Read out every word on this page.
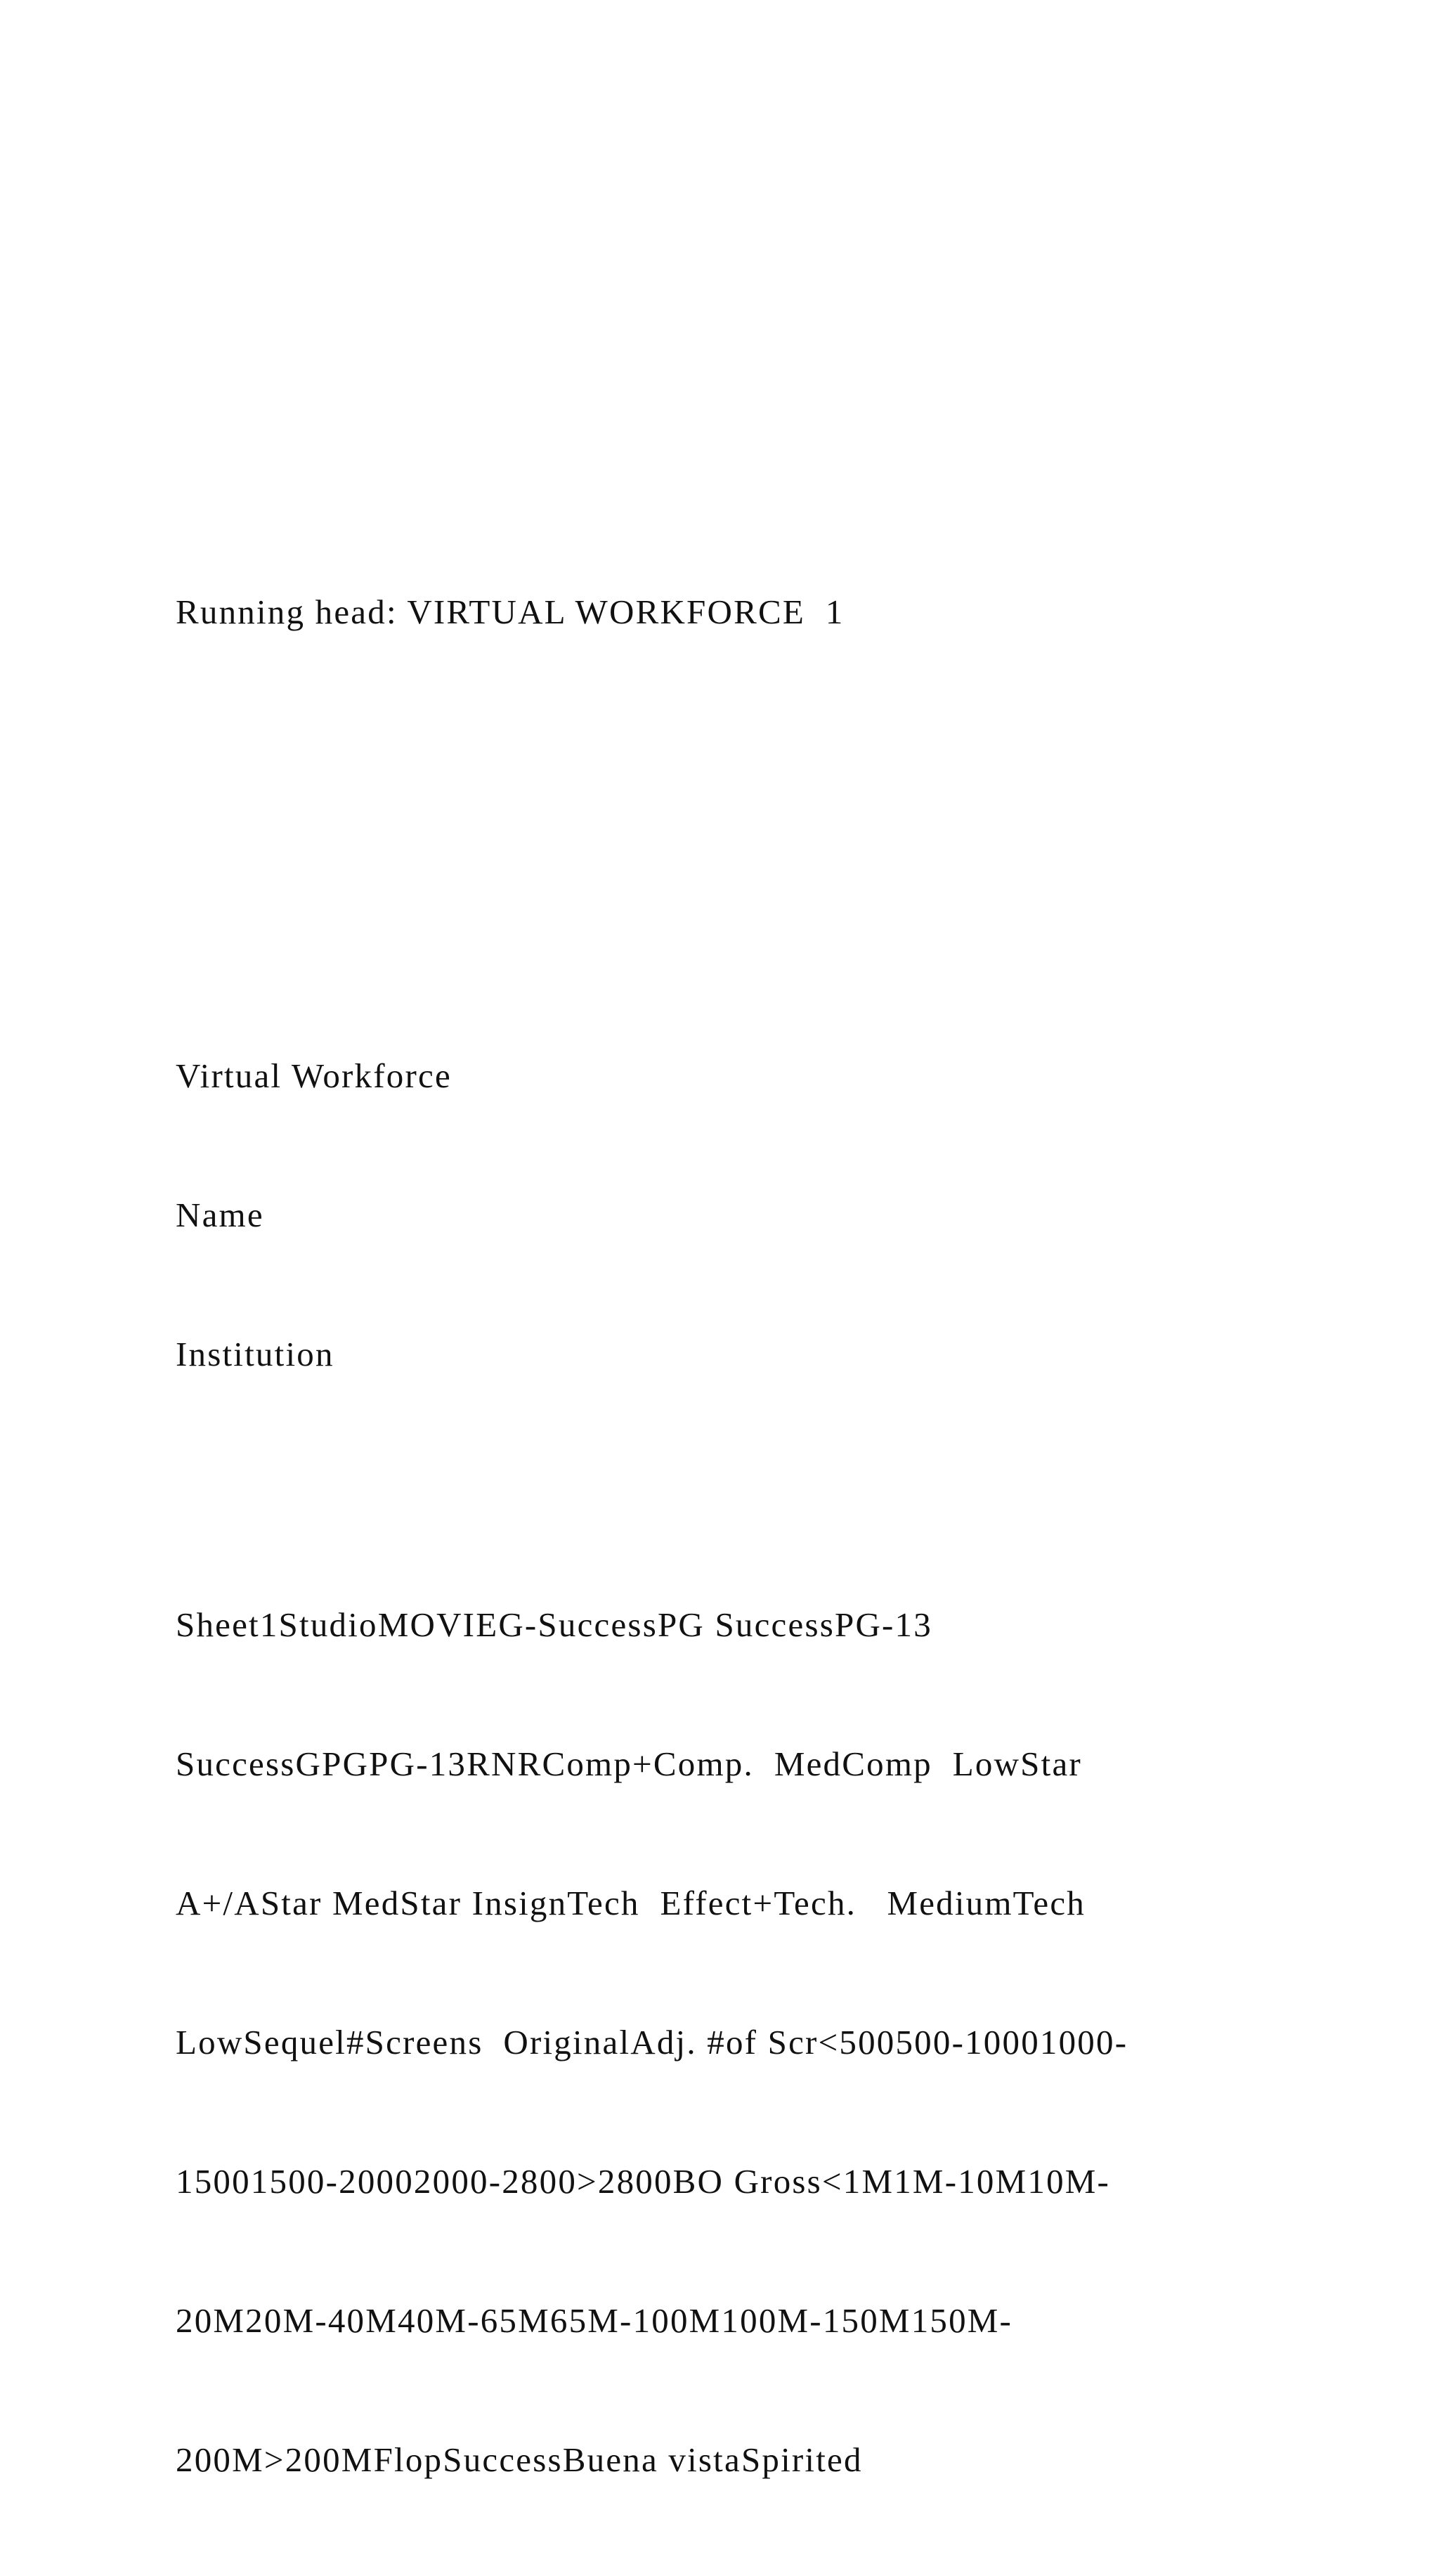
Running head: VIRTUAL WORKFORCE  1

Virtual Workforce

Name

Institution

Sheet1StudioMOVIEG-SuccessPG SuccessPG-13

SuccessGPGPG-13RNRComp+Comp.  MedComp  LowStar

A+/AStar MedStar InsignTech  Effect+Tech.   MediumTech

LowSequel#Screens  OriginalAdj. #of Scr<500500-10001000-

15001500-20002000-2800>2800BO Gross<1M1M-10M10M-

20M20M-40M40M-65M65M-100M100M-150M150M-

200M>200MFlopSuccessBuena vistaSpirited
